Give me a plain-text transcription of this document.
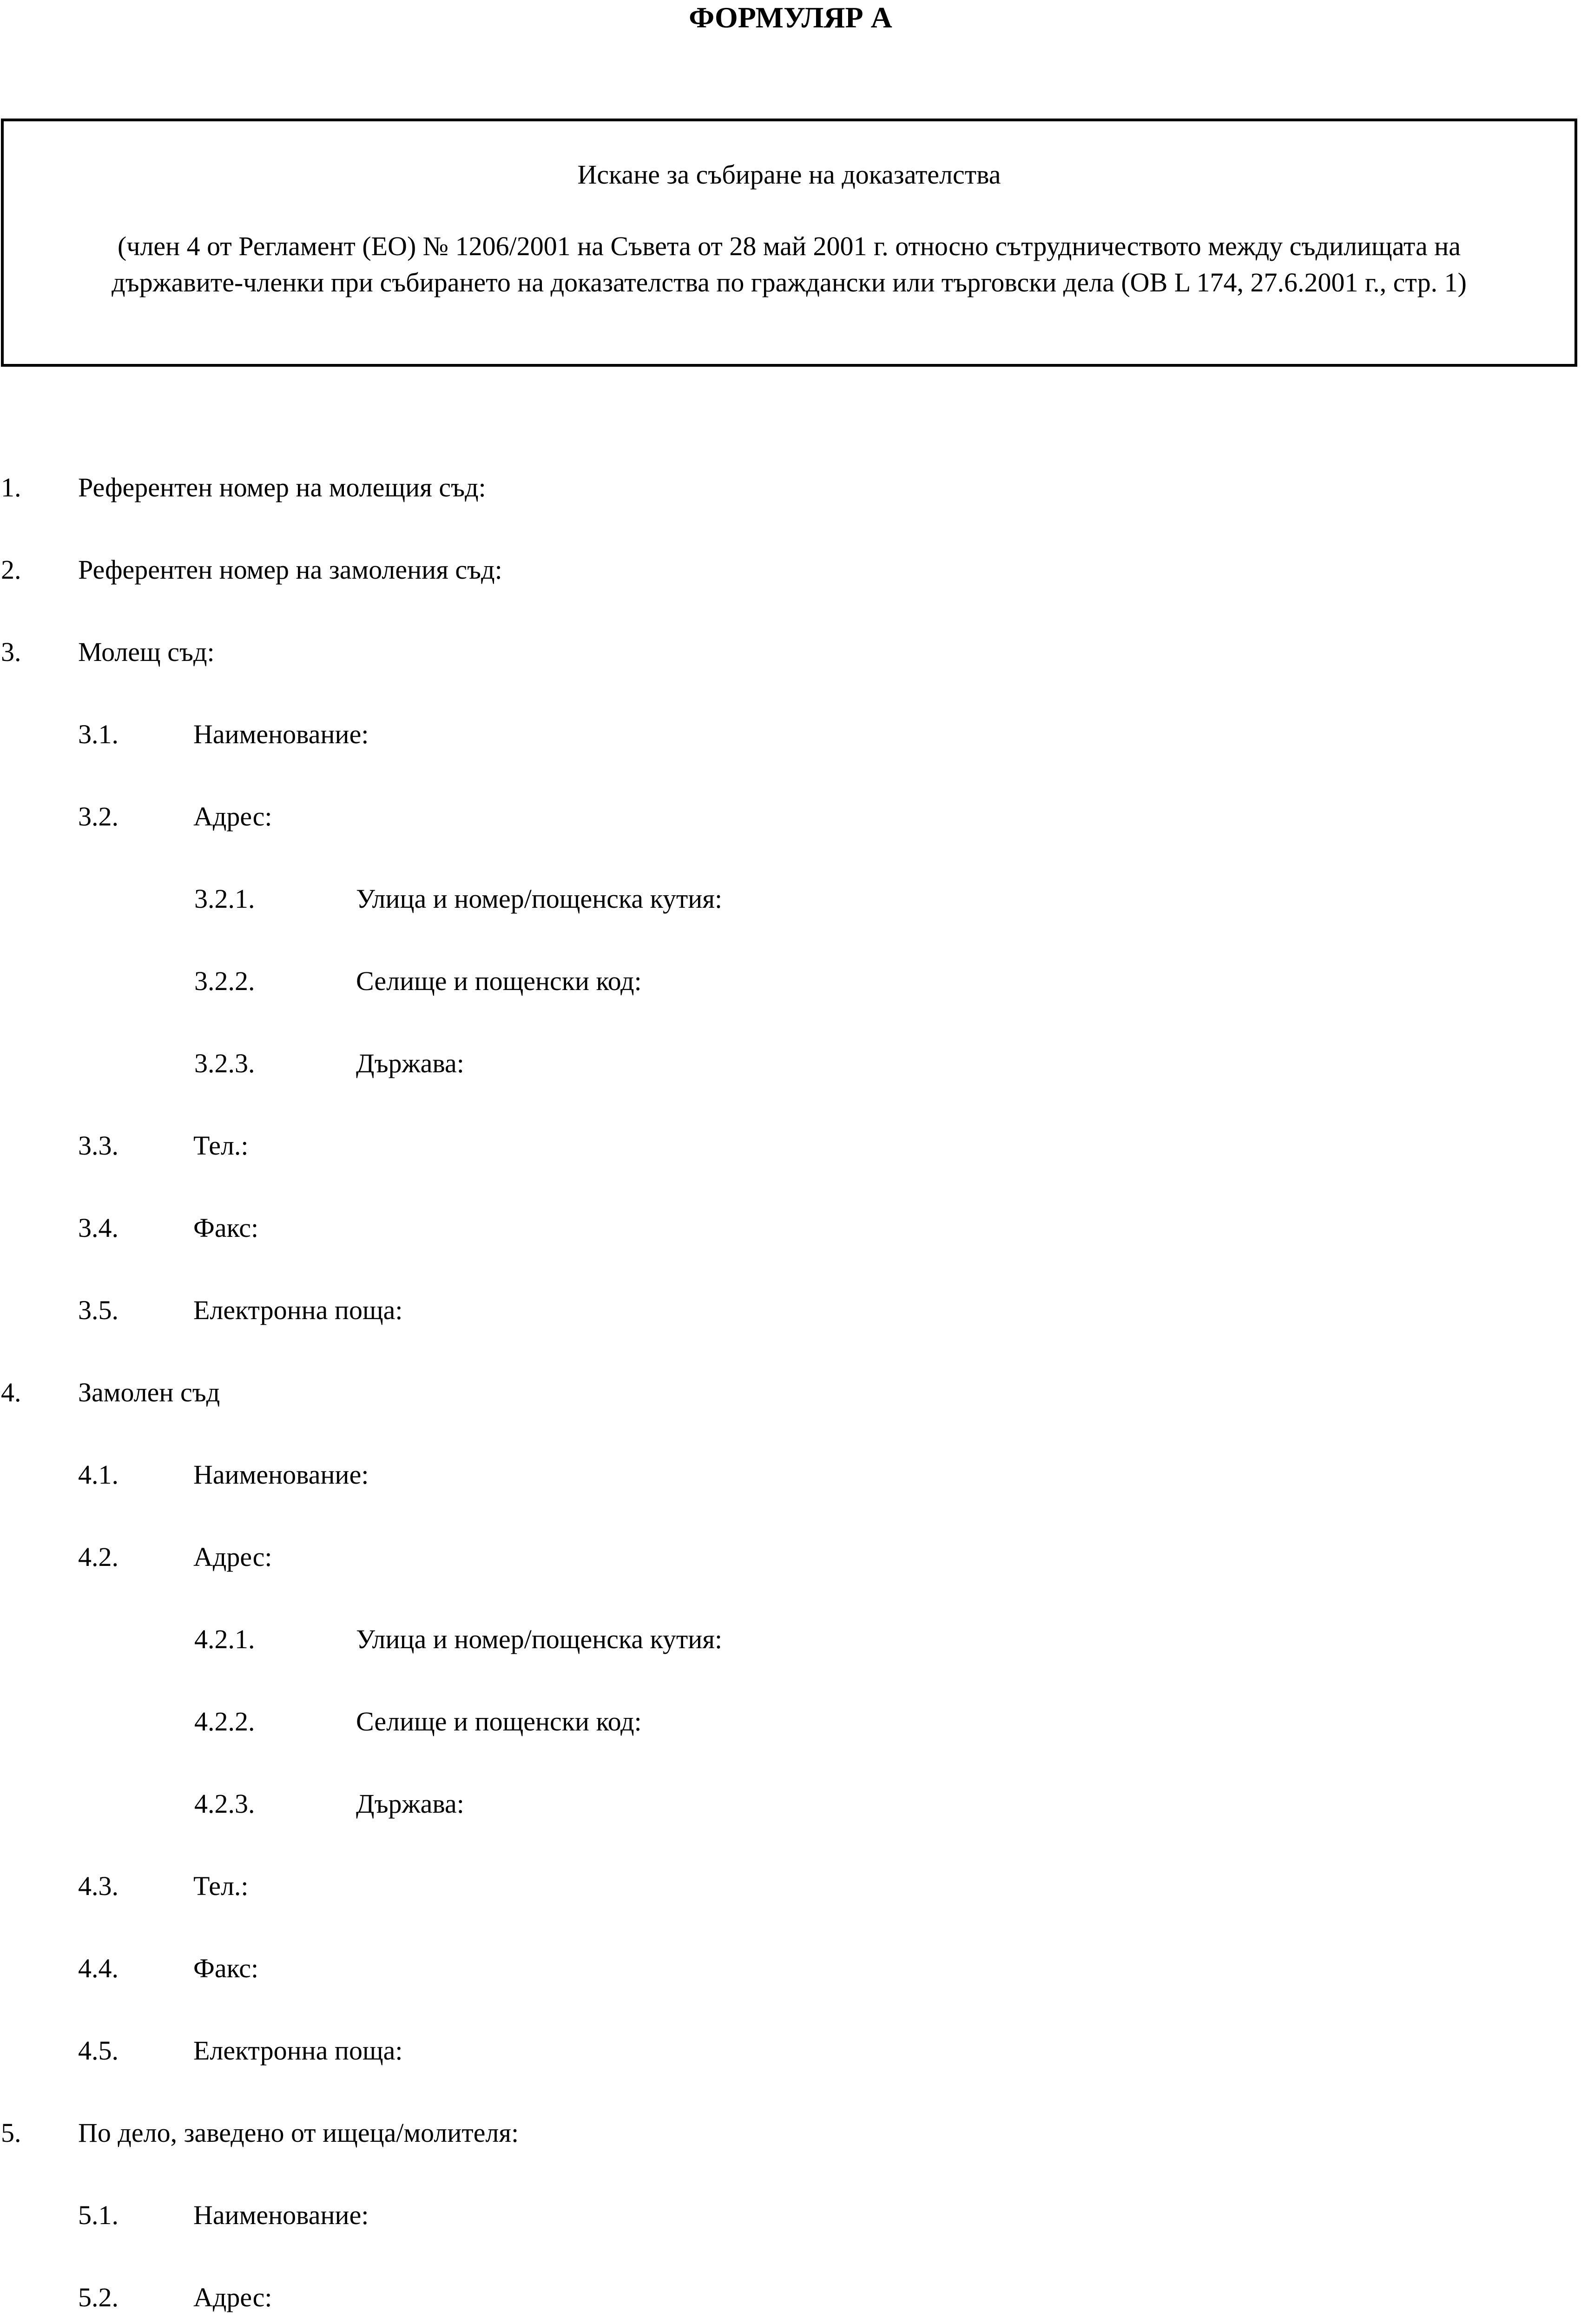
ФОРМУЛЯР А
Искане за събиране на доказателства
(член 4 от Регламент (ЕО) № 1206/2001 на Съвета от 28 май 2001 г. относно сътрудничеството между съдилищата на държавите-членки при събирането на доказателства по граждански или търговски дела (ОВ L 174, 27.6.2001 г., стр. 1)
1. Референтен номер на молещия съд:
2. Референтен номер на замоления съд:
3. Молещ съд:
3.1.	Наименование:
3.2.	Адрес:
3.2.1.	Улица и номер/пощенска кутия:
3.2.2.	Селище и пощенски код:
3.2.3.	Държава:
3.3.	Тел.:
3.4.	Факс:
3.5.	Електронна поща:
4. Замолен съд
4.1.	Наименование:
4.2.	Адрес:
4.2.1.	Улица и номер/пощенска кутия:
4.2.2.	Селище и пощенски код:
4.2.3.	Държава:
4.3.	Тел.:
4.4.	Факс:
4.5.	Електронна поща:
5. По дело, заведено от ищеца/молителя:
5.1.	Наименование:
5.2.	Адрес:
